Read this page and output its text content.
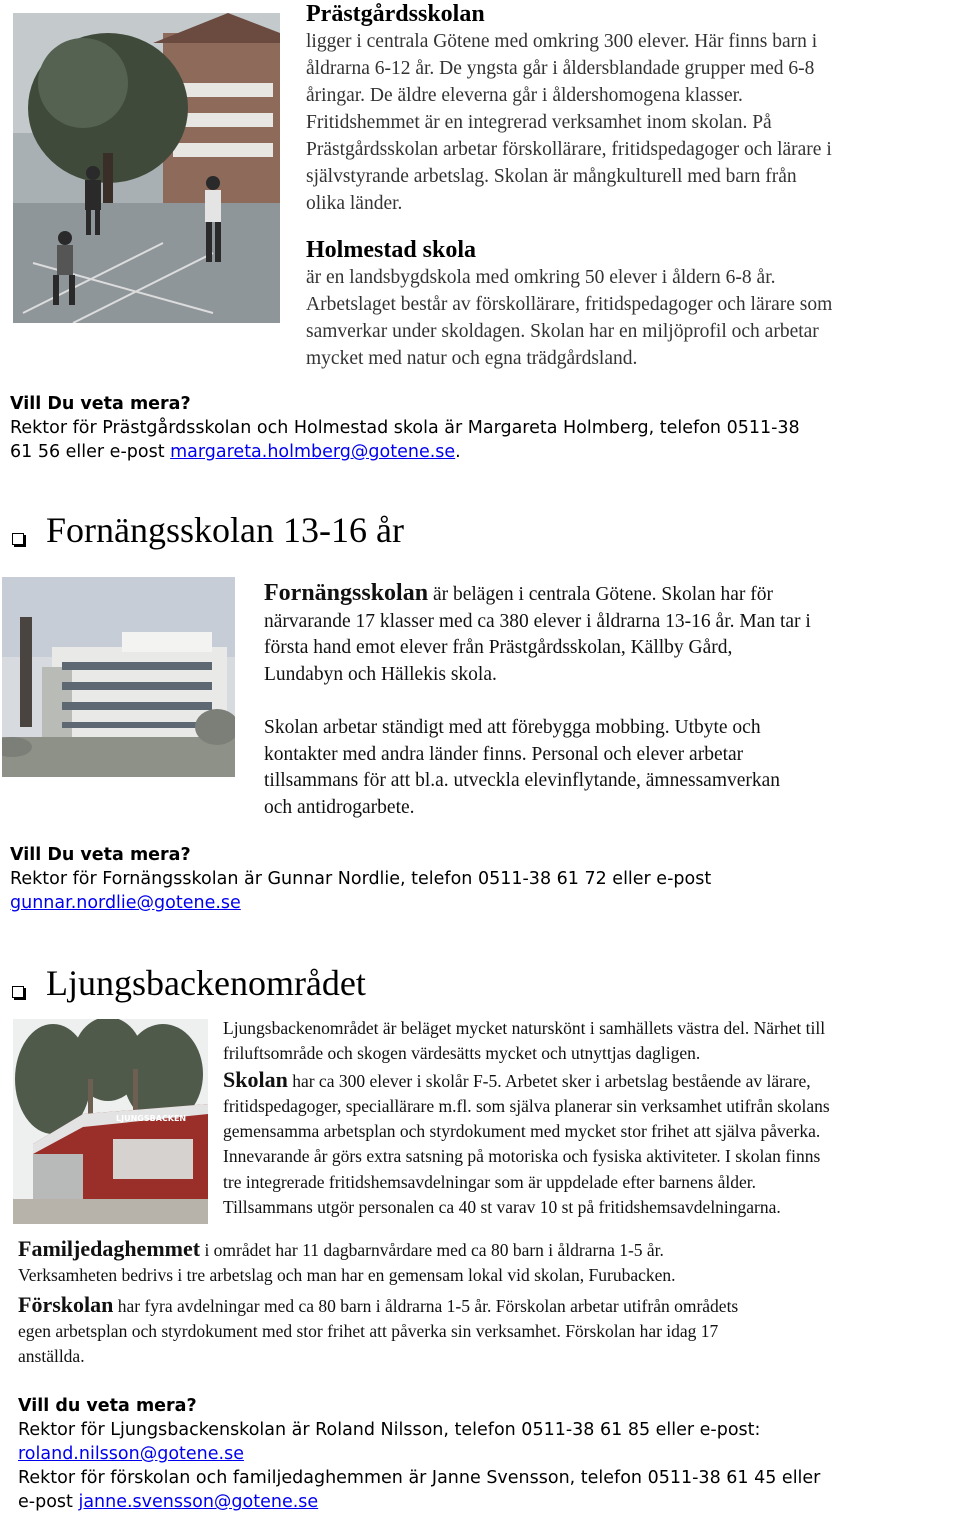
Prästgårdsskolan
ligger i centrala Götene med omkring 300 elever. Här finns barn i
åldrarna 6-12 år. De yngsta går i åldersblandade grupper med 6-8
åringar. De äldre eleverna går i åldershomogena klasser.
Fritidshemmet är en integrerad verksamhet inom skolan. På
Prästgårdsskolan arbetar förskollärare, fritidspedagoger och lärare i
självstyrande arbetslag. Skolan är mångkulturell med barn från
olika länder.
Holmestad skola
är en landsbygdskola med omkring 50 elever i åldern 6-8 år.
Arbetslaget består av förskollärare, fritidspedagoger och lärare som
samverkar under skoldagen. Skolan har en miljöprofil och arbetar
mycket med natur och egna trädgårdsland.
Vill Du veta mera?
Rektor för Prästgårdsskolan och Holmestad skola är Margareta Holmberg, telefon 0511-38
61 56 eller e-post margareta.holmberg@gotene.se.
Fornängsskolan 13-16 år
Fornängsskolan är belägen i centrala Götene. Skolan har för
närvarande 17 klasser med ca 380 elever i åldrarna 13-16 år. Man tar i
första hand emot elever från Prästgårdsskolan, Källby Gård,
Lundabyn och Hällekis skola.
Skolan arbetar ständigt med att förebygga mobbing. Utbyte och
kontakter med andra länder finns. Personal och elever arbetar
tillsammans för att bl.a. utveckla elevinflytande, ämnessamverkan
och antidrogarbete.
Vill Du veta mera?
Rektor för Fornängsskolan är Gunnar Nordlie, telefon 0511-38 61 72 eller e-post
gunnar.nordlie@gotene.se
Ljungsbackenområdet
LJUNGSBACKEN
Ljungsbackenområdet är beläget mycket naturskönt i samhällets västra del. Närhet till
friluftsområde och skogen värdesätts mycket och utnyttjas dagligen.
Skolan har ca 300 elever i skolår F-5. Arbetet sker i arbetslag bestående av lärare,
fritidspedagoger, speciallärare m.fl. som själva planerar sin verksamhet utifrån skolans
gemensamma arbetsplan och styrdokument med mycket stor frihet att själva påverka.
Innevarande år görs extra satsning på motoriska och fysiska aktiviteter. I skolan finns
tre integrerade fritidshemsavdelningar som är uppdelade efter barnens ålder.
Tillsammans utgör personalen ca 40 st varav 10 st på fritidshemsavdelningarna.
Familjedaghemmet i området har 11 dagbarnvårdare med ca 80 barn i åldrarna 1-5 år.
Verksamheten bedrivs i tre arbetslag och man har en gemensam lokal vid skolan, Furubacken.
Förskolan har fyra avdelningar med ca 80 barn i åldrarna 1-5 år. Förskolan arbetar utifrån områdets
egen arbetsplan och styrdokument med stor frihet att påverka sin verksamhet. Förskolan har idag 17
anställda.
Vill du veta mera?
Rektor för Ljungsbackenskolan är Roland Nilsson, telefon 0511-38 61 85 eller e-post:
roland.nilsson@gotene.se
Rektor för förskolan och familjedaghemmen är Janne Svensson, telefon 0511-38 61 45 eller
e-post janne.svensson@gotene.se
